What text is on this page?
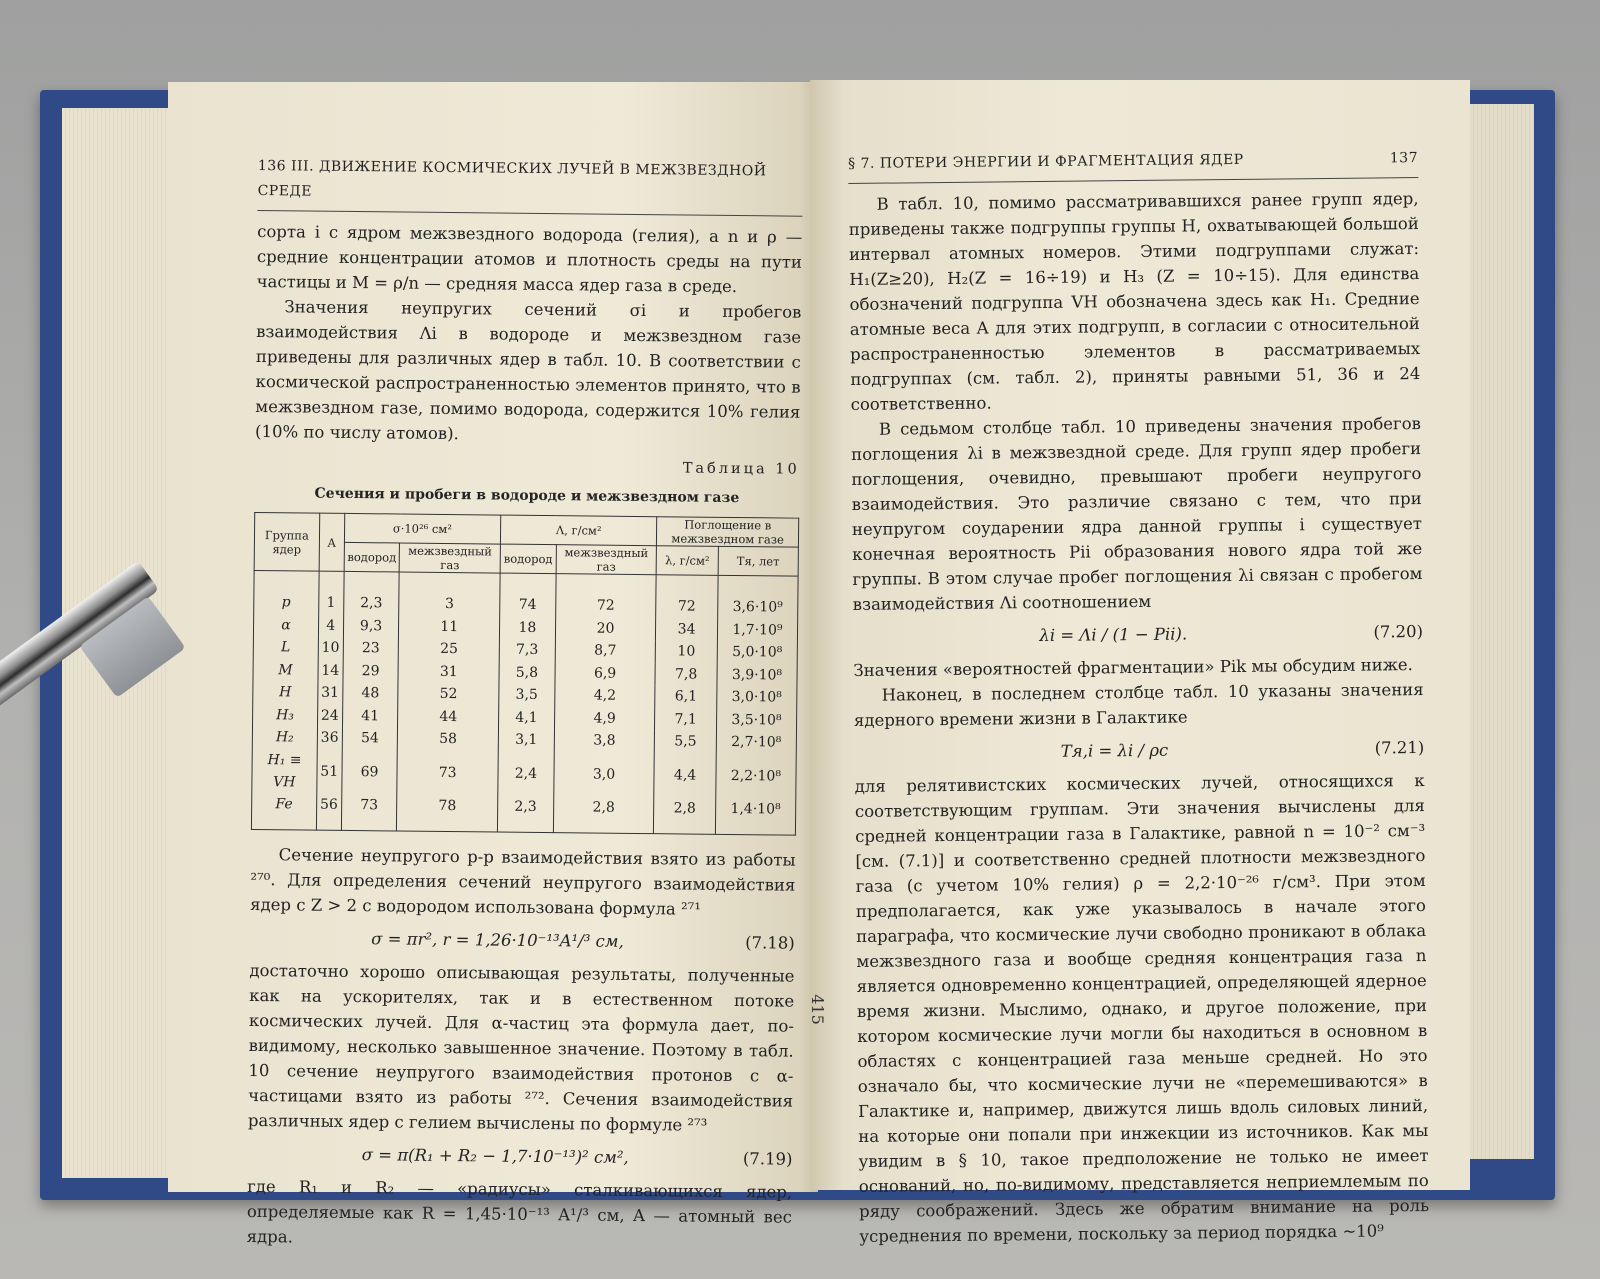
136 III. ДВИЖЕНИЕ КОСМИЧЕСКИХ ЛУЧЕЙ В МЕЖЗВЕЗДНОЙ СРЕДЕ

сорта i с ядром межзвездного водорода (гелия), а n и ρ — средние концентрации атомов и плотность среды на пути частицы и M = ρ/n — средняя масса ядер газа в среде.

Значения неупругих сечений σi и пробегов взаимодействия Λi в водороде и межзвездном газе приведены для различных ядер в табл. 10. В соответствии с космической распространенностью элементов принято, что в межзвездном газе, помимо водорода, содержится 10% гелия (10% по числу атомов).

Таблица 10
Сечения и пробеги в водороде и межзвездном газе
Группа ядер	A	σ·10²⁶ см²		Λ, г/см²		Поглощение в межзвездном газе	
		водород	межзвездный газ	водород	межзвездный газ	λ, г/см²	Tя, лет
p	1	2,3	3	74	72	72	3,6·10⁹
α	4	9,3	11	18	20	34	1,7·10⁹
L	10	23	25	7,3	8,7	10	5,0·10⁸
M	14	29	31	5,8	6,9	7,8	3,9·10⁸
H	31	48	52	3,5	4,2	6,1	3,0·10⁸
H₃	24	41	44	4,1	4,9	7,1	3,5·10⁸
H₂	36	54	58	3,1	3,8	5,5	2,7·10⁸
H₁ ≡ VH	51	69	73	2,4	3,0	4,4	2,2·10⁸
Fe	56	73	78	2,3	2,8	2,8	1,4·10⁸

Сечение неупругого p-p взаимодействия взято из работы ²⁷⁰. Для определения сечений неупругого взаимодействия ядер с Z > 2 с водородом использована формула ²⁷¹

σ = πr², r = 1,26·10⁻¹³A¹/³ см,	(7.18)

достаточно хорошо описывающая результаты, полученные как на ускорителях, так и в естественном потоке космических лучей. Для α-частиц эта формула дает, по-видимому, несколько завышенное значение. Поэтому в табл. 10 сечение неупругого взаимодействия протонов с α-частицами взято из работы ²⁷². Сечения взаимодействия различных ядер с гелием вычислены по формуле ²⁷³

σ = π(R₁ + R₂ − 1,7·10⁻¹³)² см²,	(7.19)

где R₁ и R₂ — «радиусы» сталкивающихся ядер, определяемые как R = 1,45·10⁻¹³ A¹/³ см, A — атомный вес ядра.

§ 7. ПОТЕРИ ЭНЕРГИИ И ФРАГМЕНТАЦИЯ ЯДЕР	137

В табл. 10, помимо рассматривавшихся ранее групп ядер, приведены также подгруппы группы H, охватывающей большой интервал атомных номеров. Этими подгруппами служат: H₁(Z≥20), H₂(Z = 16÷19) и H₃ (Z = 10÷15). Для единства обозначений подгруппа VH обозначена здесь как H₁. Средние атомные веса A для этих подгрупп, в согласии с относительной распространенностью элементов в рассматриваемых подгруппах (см. табл. 2), приняты равными 51, 36 и 24 соответственно.

В седьмом столбце табл. 10 приведены значения пробегов поглощения λi в межзвездной среде. Для групп ядер пробеги поглощения, очевидно, превышают пробеги неупругого взаимодействия. Это различие связано с тем, что при неупругом соударении ядра данной группы i существует конечная вероятность Pii образования нового ядра той же группы. В этом случае пробег поглощения λi связан с пробегом взаимодействия Λi соотношением

λi = Λi / (1 − Pii).	(7.20)

Значения «вероятностей фрагментации» Pik мы обсудим ниже.

Наконец, в последнем столбце табл. 10 указаны значения ядерного времени жизни в Галактике

Tя,i = λi / ρc	(7.21)

для релятивистских космических лучей, относящихся к соответствующим группам. Эти значения вычислены для средней концентрации газа в Галактике, равной n = 10⁻² см⁻³ [см. (7.1)] и соответственно средней плотности межзвездного газа (с учетом 10% гелия) ρ = 2,2·10⁻²⁶ г/см³. При этом предполагается, как уже указывалось в начале этого параграфа, что космические лучи свободно проникают в облака межзвездного газа и вообще средняя концентрация газа n является одновременно концентрацией, определяющей ядерное время жизни. Мыслимо, однако, и другое положение, при котором космические лучи могли бы находиться в основном в областях с концентрацией газа меньше средней. Но это означало бы, что космические лучи не «перемешиваются» в Галактике и, например, движутся лишь вдоль силовых линий, на которые они попали при инжекции из источников. Как мы увидим в § 10, такое предположение не только не имеет оснований, но, по-видимому, представляется неприемлемым по ряду соображений. Здесь же обратим внимание на роль усреднения по времени, поскольку за период порядка ~10⁹

415
